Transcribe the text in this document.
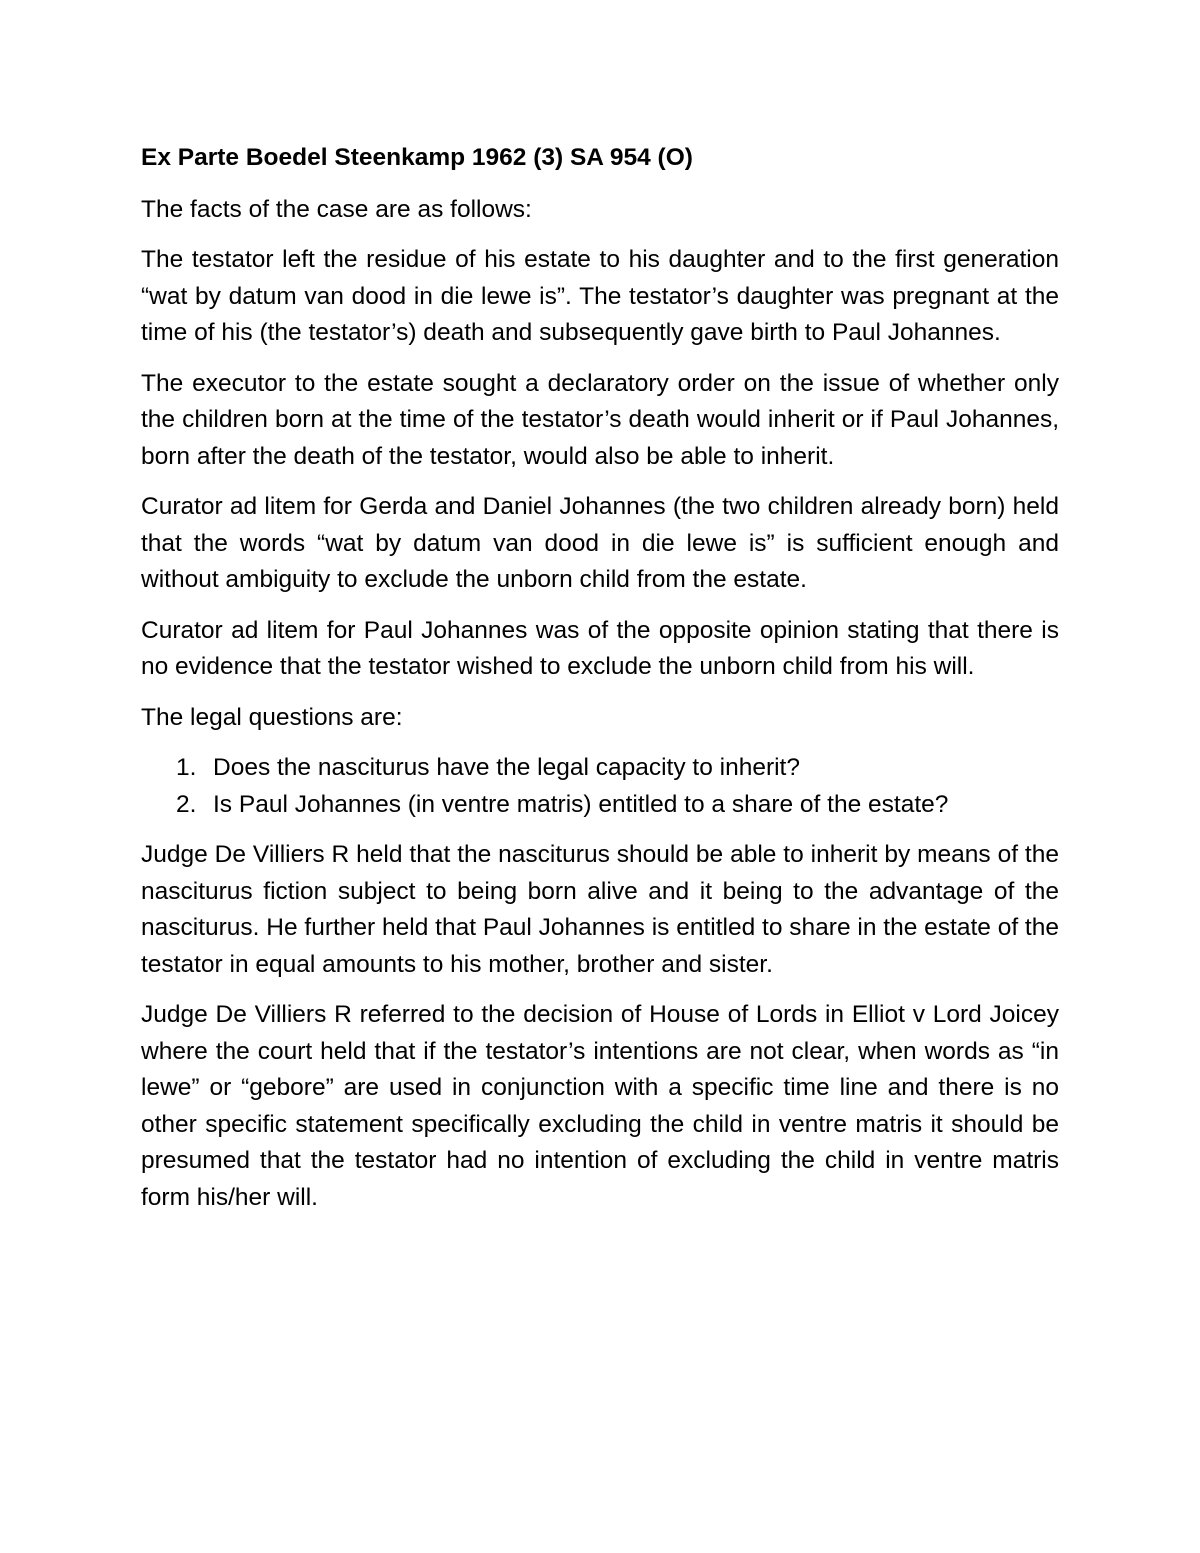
Ex Parte Boedel Steenkamp 1962 (3) SA 954 (O)

The facts of the case are as follows:

The testator left the residue of his estate to his daughter and to the first generation “wat by datum van dood in die lewe is”. The testator’s daughter was pregnant at the time of his (the testator’s) death and subsequently gave birth to Paul Johannes.

The executor to the estate sought a declaratory order on the issue of whether only the children born at the time of the testator’s death would inherit or if Paul Johannes, born after the death of the testator, would also be able to inherit.

Curator ad litem for Gerda and Daniel Johannes (the two children already born) held that the words “wat by datum van dood in die lewe is” is sufficient enough and without ambiguity to exclude the unborn child from the estate.

Curator ad litem for Paul Johannes was of the opposite opinion stating that there is no evidence that the testator wished to exclude the unborn child from his will.

The legal questions are:

1. Does the nasciturus have the legal capacity to inherit?
2. Is Paul Johannes (in ventre matris) entitled to a share of the estate?

Judge De Villiers R held that the nasciturus should be able to inherit by means of the nasciturus fiction subject to being born alive and it being to the advantage of the nasciturus. He further held that Paul Johannes is entitled to share in the estate of the testator in equal amounts to his mother, brother and sister.

Judge De Villiers R referred to the decision of House of Lords in Elliot v Lord Joicey where the court held that if the testator’s intentions are not clear, when words as “in lewe” or “gebore” are used in conjunction with a specific time line and there is no other specific statement specifically excluding the child in ventre matris it should be presumed that the testator had no intention of excluding the child in ventre matris form his/her will.
